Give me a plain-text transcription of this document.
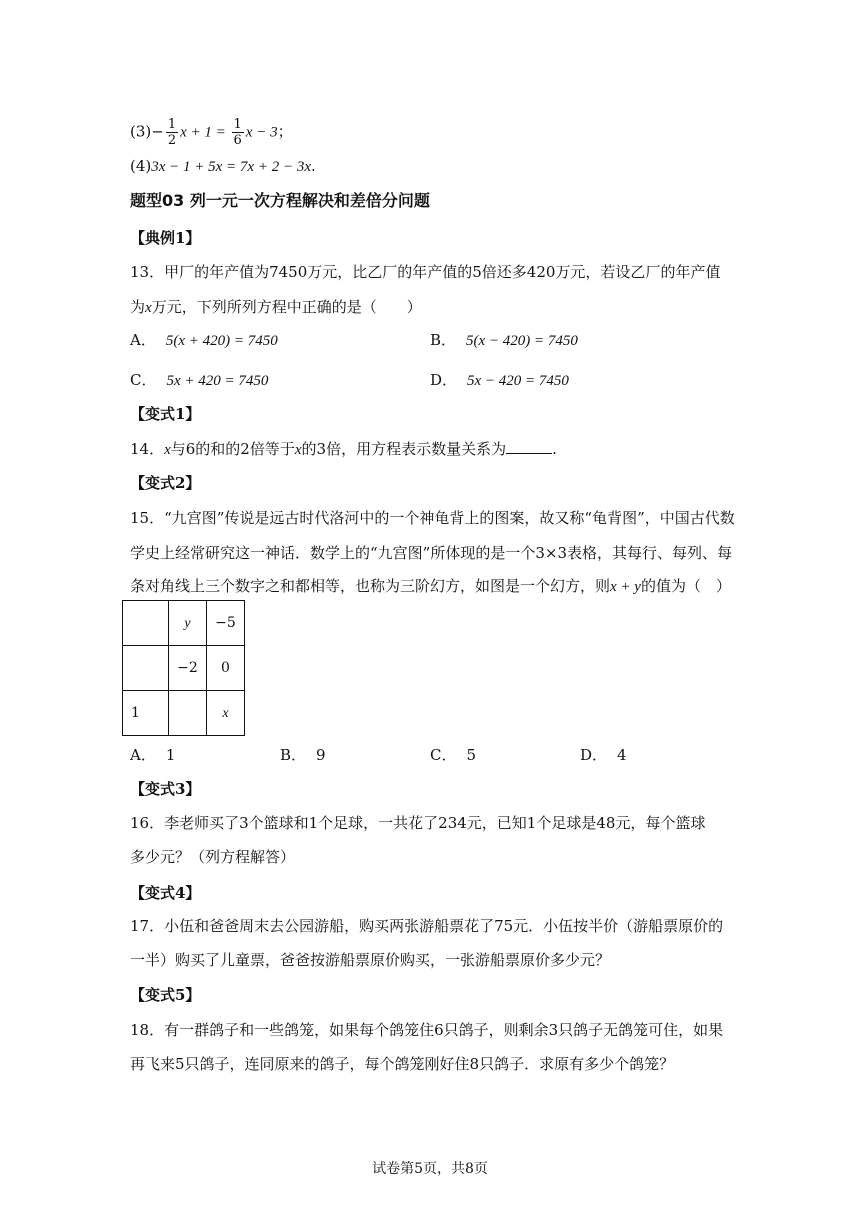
$(3)- \frac{1}{2}$ $x + 1 = \frac{1}{6}$ x − 3；
(4)3x − 1 + 5x = 7x + 2 − 3x.
题型03 列一元一次方程解决和差倍分问题
【典例1】
13．甲厂的年产值为7450万元，比乙厂的年产值的5倍还多420万元，若设乙厂的年产值
为x万元，下列所列方程中正确的是（　　）
A． 5(x + 420) = 7450	B． 5(x − 420) = 7450
C． 5x + 420 = 7450	D． 5x − 420 = 7450
【变式1】
14．x与6的和的2倍等于x的3倍，用方程表示数量关系为	.
【变式2】
15．“九宫图”传说是远古时代洛河中的一个神龟背上的图案，故又称“龟背图”，中国古代数
学史上经常研究这一神话．数学上的“九宫图”所体现的是一个3×3表格，其每行、每列、每
条对角线上三个数字之和都相等，也称为三阶幻方，如图是一个幻方，则x + y的值为（　）
	y	−5
	−2	0
1		x
A． 1	B． 9	C． 5	D． 4
【变式3】
16．李老师买了3个篮球和1个足球，一共花了234元，已知1个足球是48元，每个篮球
多少元？（列方程解答）
【变式4】
17．小伍和爸爸周末去公园游船，购买两张游船票花了75元．小伍按半价（游船票原价的
一半）购买了儿童票，爸爸按游船票原价购买，一张游船票原价多少元？
【变式5】
18．有一群鸽子和一些鸽笼，如果每个鸽笼住6只鸽子，则剩余3只鸽子无鸽笼可住，如果
再飞来5只鸽子，连同原来的鸽子，每个鸽笼刚好住8只鸽子．求原有多少个鸽笼？
试卷第5页，共8页
